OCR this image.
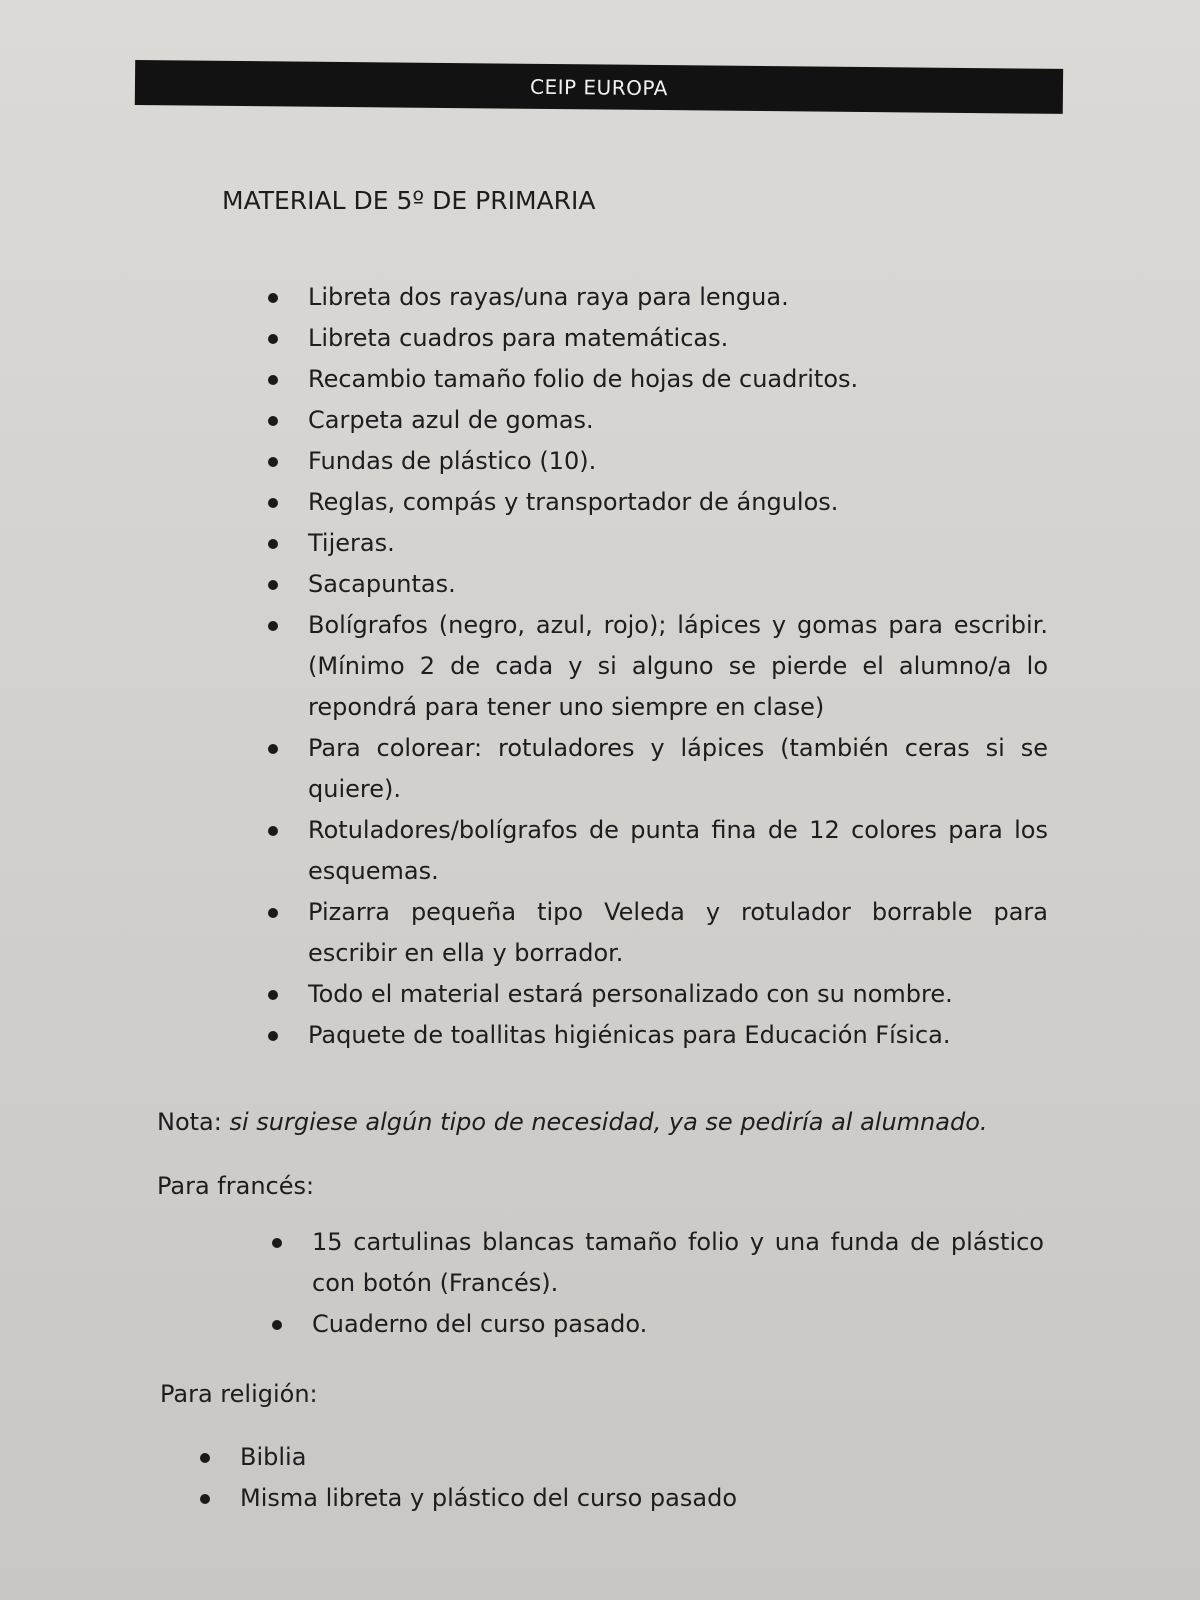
CEIP EUROPA
MATERIAL DE 5º DE PRIMARIA
Libreta dos rayas/una raya para lengua.
Libreta cuadros para matemáticas.
Recambio tamaño folio de hojas de cuadritos.
Carpeta azul de gomas.
Fundas de plástico (10).
Reglas, compás y transportador de ángulos.
Tijeras.
Sacapuntas.
Bolígrafos (negro, azul, rojo); lápices y gomas para escribir. (Mínimo 2 de cada y si alguno se pierde el alumno/a lo repondrá para tener uno siempre en clase)
Para colorear: rotuladores y lápices (también ceras si se quiere).
Rotuladores/bolígrafos de punta fina de 12 colores para los esquemas.
Pizarra pequeña tipo Veleda y rotulador borrable para escribir en ella y borrador.
Todo el material estará personalizado con su nombre.
Paquete de toallitas higiénicas para Educación Física.

Nota: si surgiese algún tipo de necesidad, ya se pediría al alumnado.

Para francés:

15 cartulinas blancas tamaño folio y una funda de plástico con botón (Francés).
Cuaderno del curso pasado.

Para religión:

Biblia
Misma libreta y plástico del curso pasado
